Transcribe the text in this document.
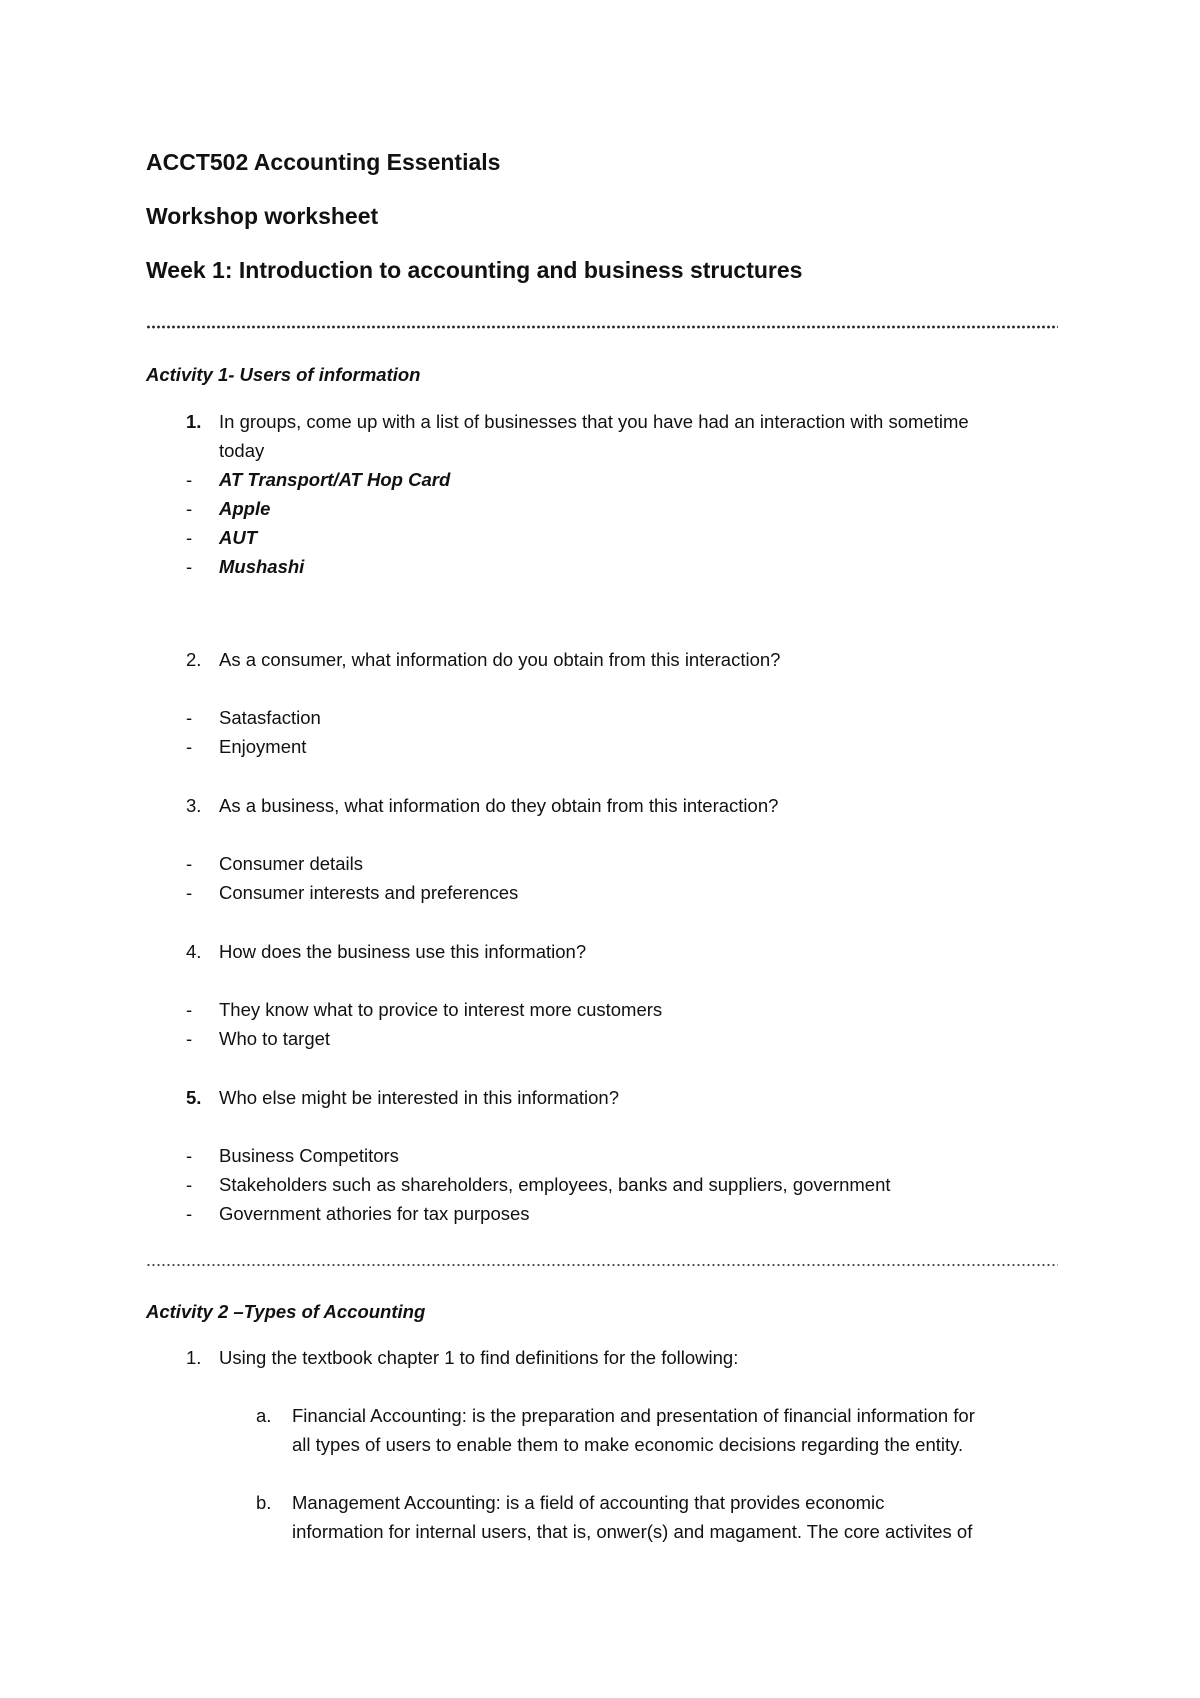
ACCT502 Accounting Essentials
Workshop worksheet
Week 1: Introduction to accounting and business structures
Activity 1- Users of information
1. In groups, come up with a list of businesses that you have had an interaction with sometime
today
- AT Transport/AT Hop Card
- Apple
- AUT
- Mushashi
2. As a consumer, what information do you obtain from this interaction?
- Satasfaction
- Enjoyment
3. As a business, what information do they obtain from this interaction?
- Consumer details
- Consumer interests and preferences
4. How does the business use this information?
- They know what to provice to interest more customers
- Who to target
5. Who else might be interested in this information?
- Business Competitors
- Stakeholders such as shareholders, employees, banks and suppliers, government
- Government athories for tax purposes
Activity 2 –Types of Accounting
1. Using the textbook chapter 1 to find definitions for the following:
a. Financial Accounting: is the preparation and presentation of financial information for
all types of users to enable them to make economic decisions regarding the entity.
b. Management Accounting: is a field of accounting that provides economic
information for internal users, that is, onwer(s) and magament. The core activites of
